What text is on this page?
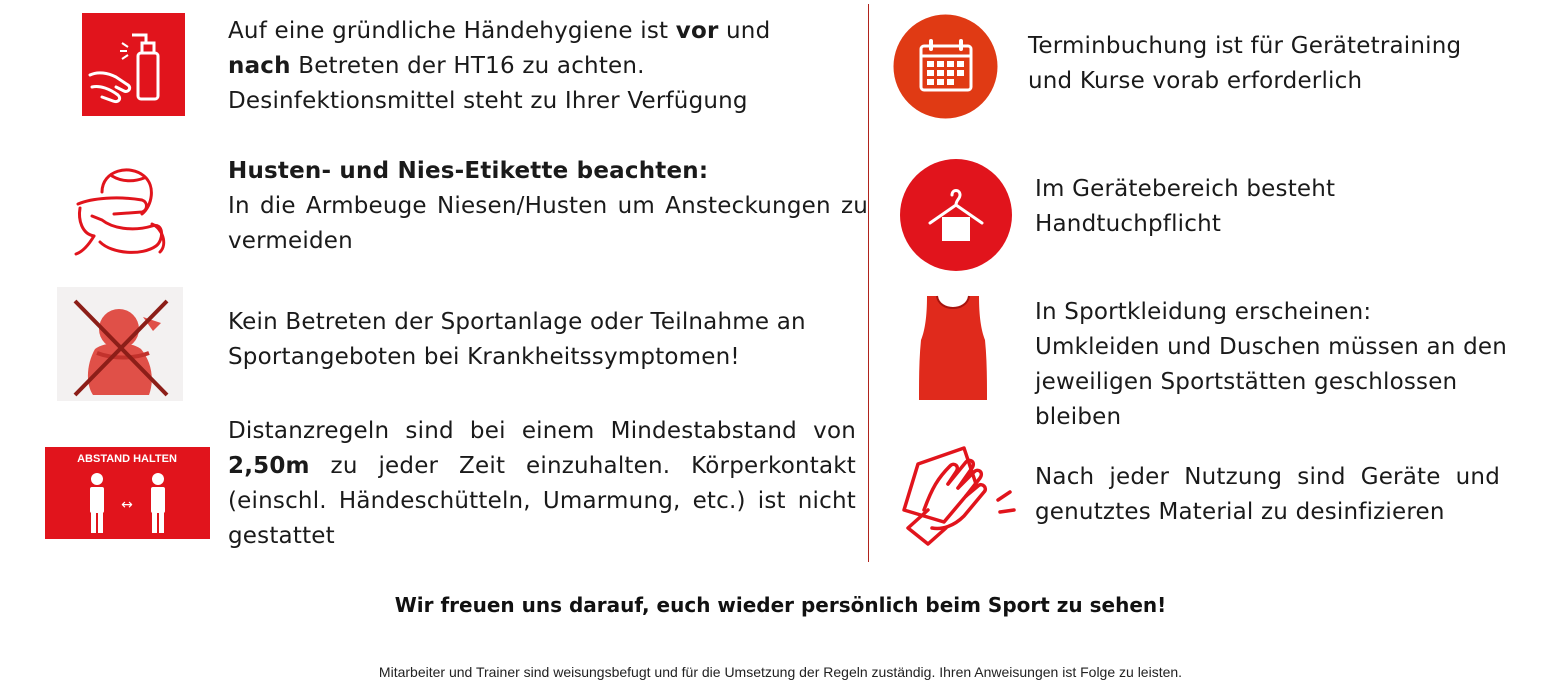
Auf eine gründliche Händehygiene ist vor und
nach Betreten der HT16 zu achten.
Desinfektionsmittel steht zu Ihrer Verfügung
Husten- und Nies-Etikette beachten:
In die Armbeuge Niesen/Husten um Ansteckungen zu vermeiden
Kein Betreten der Sportanlage oder Teilnahme an Sportangeboten bei Krankheitssymptomen!
ABSTAND HALTEN
↔
Distanzregeln sind bei einem Mindestabstand von 2,50m zu jeder Zeit einzuhalten. Körperkontakt (einschl. Händeschütteln, Umarmung, etc.) ist nicht gestattet
Terminbuchung ist für Gerätetraining
und Kurse vorab erforderlich
Im Gerätebereich besteht
Handtuchpflicht
In Sportkleidung erscheinen:
Umkleiden und Duschen müssen an den
jeweiligen Sportstätten geschlossen
bleiben
Nach jeder Nutzung sind Geräte und genutztes Material zu desinfizieren
Wir freuen uns darauf, euch wieder persönlich beim Sport zu sehen!
Mitarbeiter und Trainer sind weisungsbefugt und für die Umsetzung der Regeln zuständig. Ihren Anweisungen ist Folge zu leisten.
